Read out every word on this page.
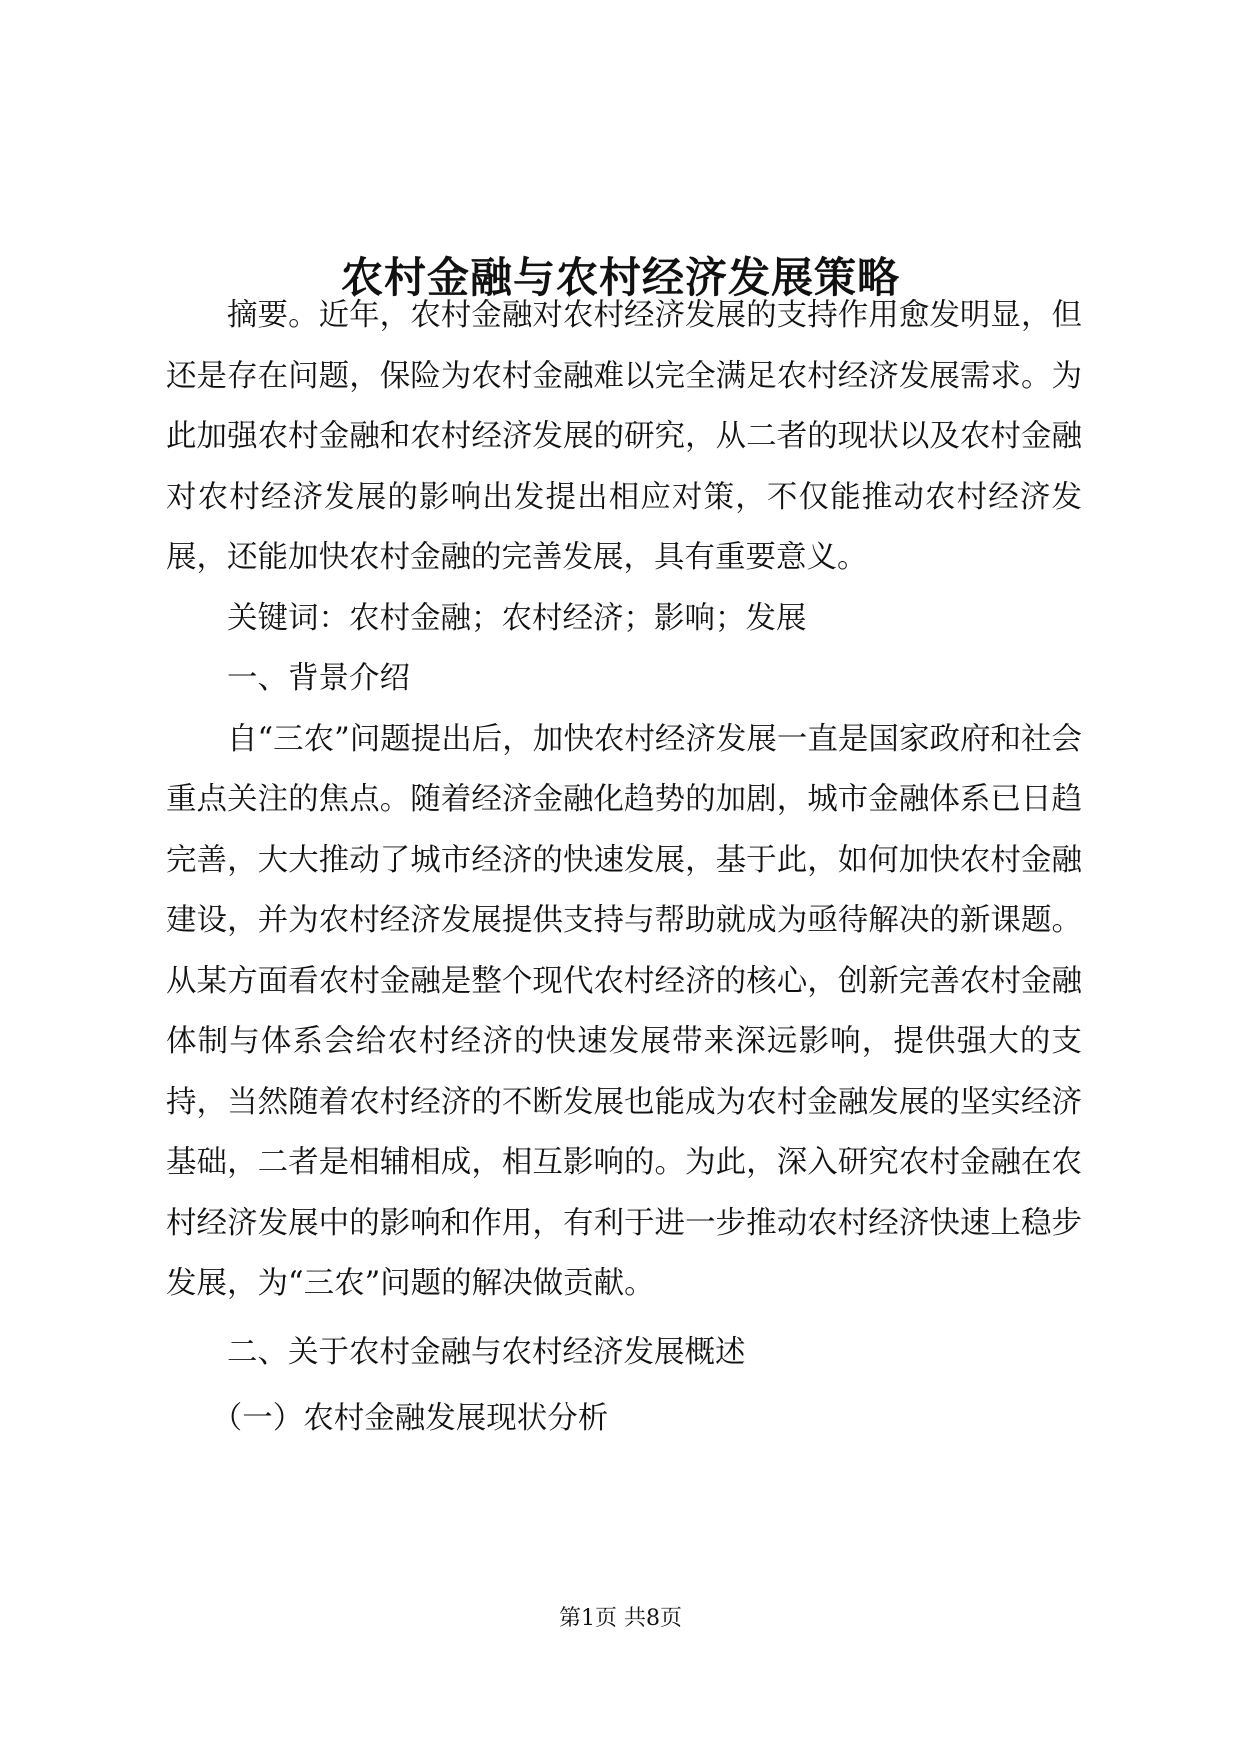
农村金融与农村经济发展策略

摘要。近年，农村金融对农村经济发展的支持作用愈发明显，但还是存在问题，保险为农村金融难以完全满足农村经济发展需求。为此加强农村金融和农村经济发展的研究，从二者的现状以及农村金融对农村经济发展的影响出发提出相应对策，不仅能推动农村经济发展，还能加快农村金融的完善发展，具有重要意义。

关键词：农村金融；农村经济；影响；发展

一、背景介绍

自“三农”问题提出后，加快农村经济发展一直是国家政府和社会重点关注的焦点。随着经济金融化趋势的加剧，城市金融体系已日趋完善，大大推动了城市经济的快速发展，基于此，如何加快农村金融建设，并为农村经济发展提供支持与帮助就成为亟待解决的新课题。从某方面看农村金融是整个现代农村经济的核心，创新完善农村金融体制与体系会给农村经济的快速发展带来深远影响，提供强大的支持，当然随着农村经济的不断发展也能成为农村金融发展的坚实经济基础，二者是相辅相成，相互影响的。为此，深入研究农村金融在农村经济发展中的影响和作用，有利于进一步推动农村经济快速上稳步发展，为“三农”问题的解决做贡献。

二、关于农村金融与农村经济发展概述

（一）农村金融发展现状分析

第1页 共8页
